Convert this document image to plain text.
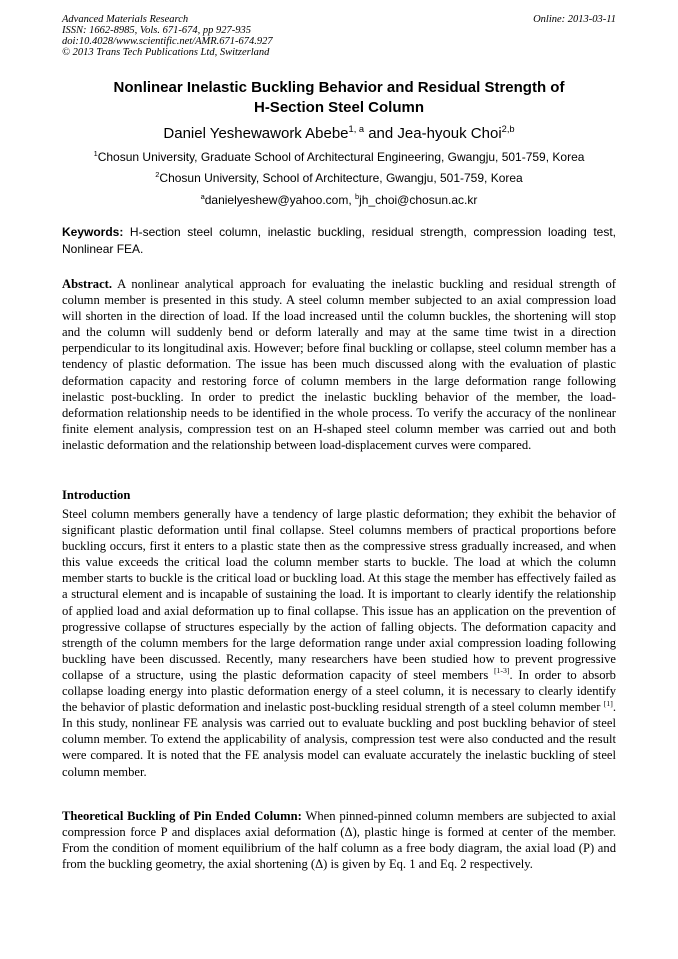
Advanced Materials Research
ISSN: 1662-8985, Vols. 671-674, pp 927-935
doi:10.4028/www.scientific.net/AMR.671-674.927
© 2013 Trans Tech Publications Ltd, Switzerland
Online: 2013-03-11
Nonlinear Inelastic Buckling Behavior and Residual Strength of
H-Section Steel Column
Daniel Yeshewawork Abebe$^{1, a}$ and Jea-hyouk Choi$^{2,b}$
$^1$Chosun University, Graduate School of Architectural Engineering, Gwangju, 501-759, Korea
$^2$Chosun University, School of Architecture, Gwangju, 501-759, Korea
$^a$danielyeshew@yahoo.com, $^b$jh_choi@chosun.ac.kr
Keywords: H-section steel column, inelastic buckling, residual strength, compression loading test, Nonlinear FEA.

Abstract. A nonlinear analytical approach for evaluating the inelastic buckling and residual strength of column member is presented in this study. A steel column member subjected to an axial compression load will shorten in the direction of load. If the load increased until the column buckles, the shortening will stop and the column will suddenly bend or deform laterally and may at the same time twist in a direction perpendicular to its longitudinal axis. However; before final buckling or collapse, steel column member has a tendency of plastic deformation. The issue has been much discussed along with the evaluation of plastic deformation capacity and restoring force of column members in the large deformation range following inelastic post-buckling. In order to predict the inelastic buckling behavior of the member, the load-deformation relationship needs to be identified in the whole process. To verify the accuracy of the nonlinear finite element analysis, compression test on an H-shaped steel column member was carried out and both inelastic deformation and the relationship between load-displacement curves were compared.

Introduction

Steel column members generally have a tendency of large plastic deformation; they exhibit the behavior of significant plastic deformation until final collapse. Steel columns members of practical proportions before buckling occurs, first it enters to a plastic state then as the compressive stress gradually increased, and when this value exceeds the critical load the column member starts to buckle. The load at which the column member starts to buckle is the critical load or buckling load. At this stage the member has effectively failed as a structural element and is incapable of sustaining the load. It is important to clearly identify the relationship of applied load and axial deformation up to final collapse. This issue has an application on the prevention of progressive collapse of structures especially by the action of falling objects. The deformation capacity and strength of the column members for the large deformation range under axial compression loading following buckling have been discussed. Recently, many researchers have been studied how to prevent progressive collapse of a structure, using the plastic deformation capacity of steel members [1-3]. In order to absorb collapse loading energy into plastic deformation energy of a steel column, it is necessary to clearly identify the behavior of plastic deformation and inelastic post-buckling residual strength of a steel column member [1]. In this study, nonlinear FE analysis was carried out to evaluate buckling and post buckling behavior of steel column member. To extend the applicability of analysis, compression test were also conducted and the result were compared. It is noted that the FE analysis model can evaluate accurately the inelastic buckling of steel column member.

Theoretical Buckling of Pin Ended Column: When pinned-pinned column members are subjected to axial compression force P and displaces axial deformation (Δ), plastic hinge is formed at center of the member. From the condition of moment equilibrium of the half column as a free body diagram, the axial load (P) and from the buckling geometry, the axial shortening (Δ) is given by Eq. 1 and Eq. 2 respectively.
